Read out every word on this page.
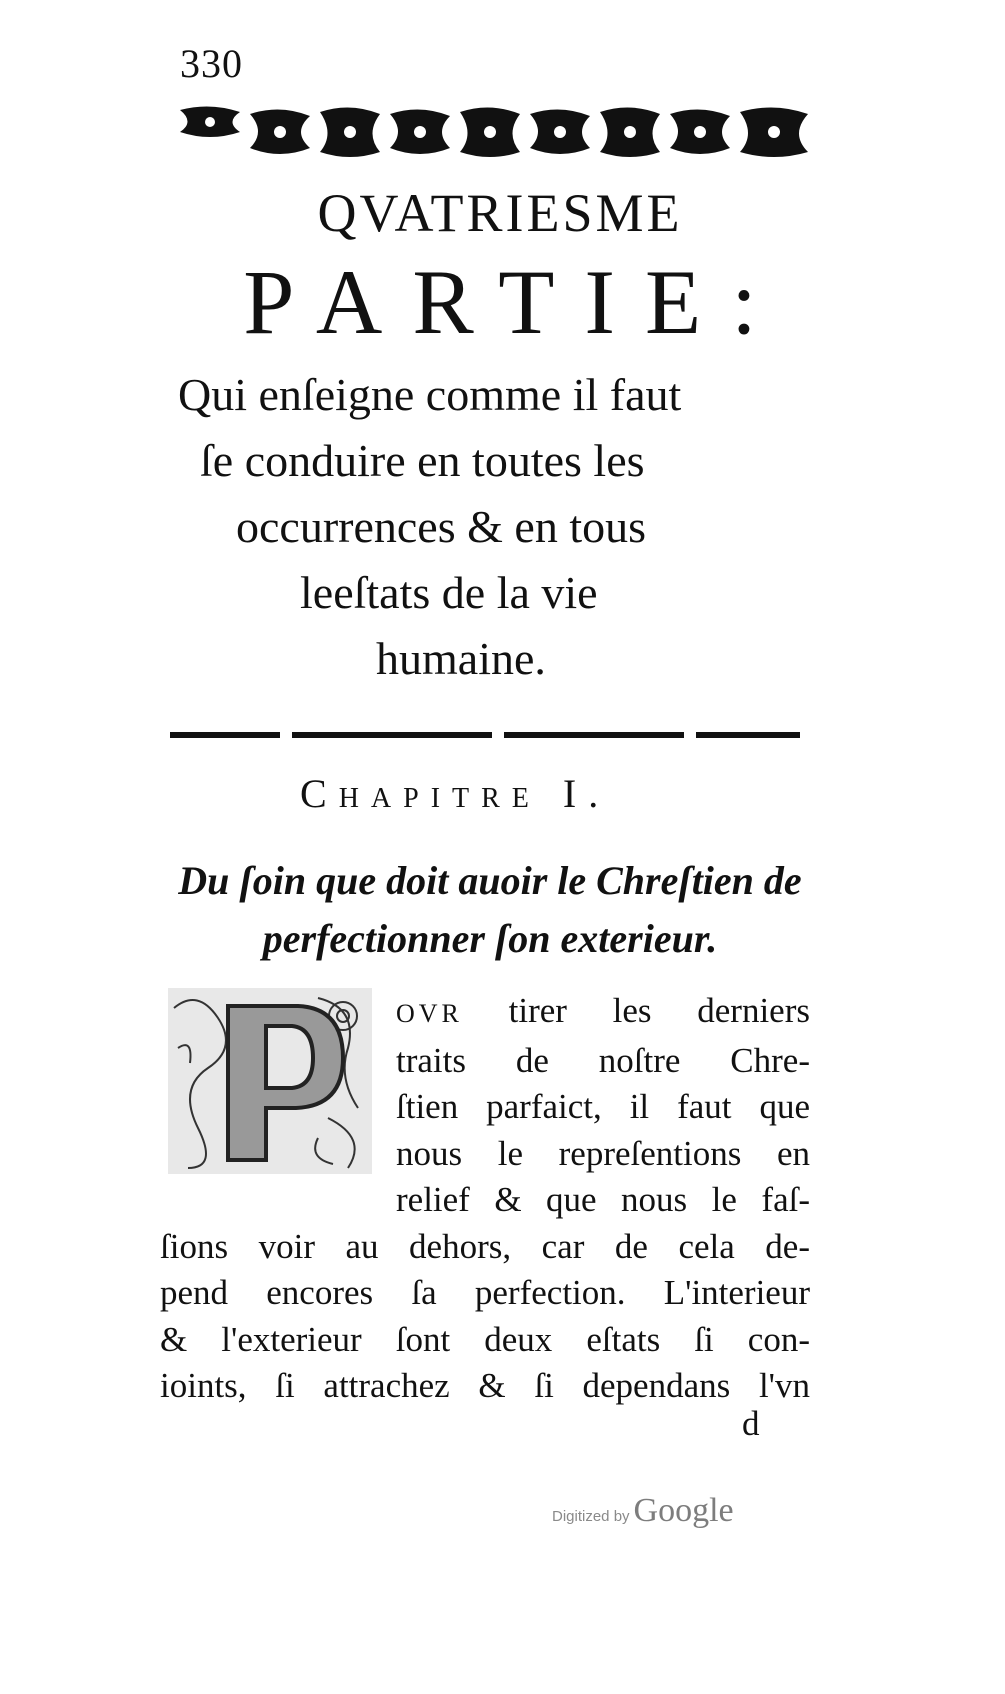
330
QVATRIESME
PARTIE:
Qui enſeigne comme il faut
ſe conduire en toutes les
occurrences & en tous
leeſtats de la vie
humaine.
CHAPITRE I.
Du ſoin que doit auoir le Chreſtien de
perfectionner ſon exterieur.
OVR tirer les derniers
traits de noſtre Chre-
ſtien parfaict, il faut que
nous le repreſentions en
relief & que nous le faſ-
ſions voir au dehors, car de cela de-
pend encores ſa perfection. L'interieur
& l'exterieur ſont deux eſtats ſi con-
ioints, ſi attrachez & ſi dependans l'vn
d
Digitized by Google
